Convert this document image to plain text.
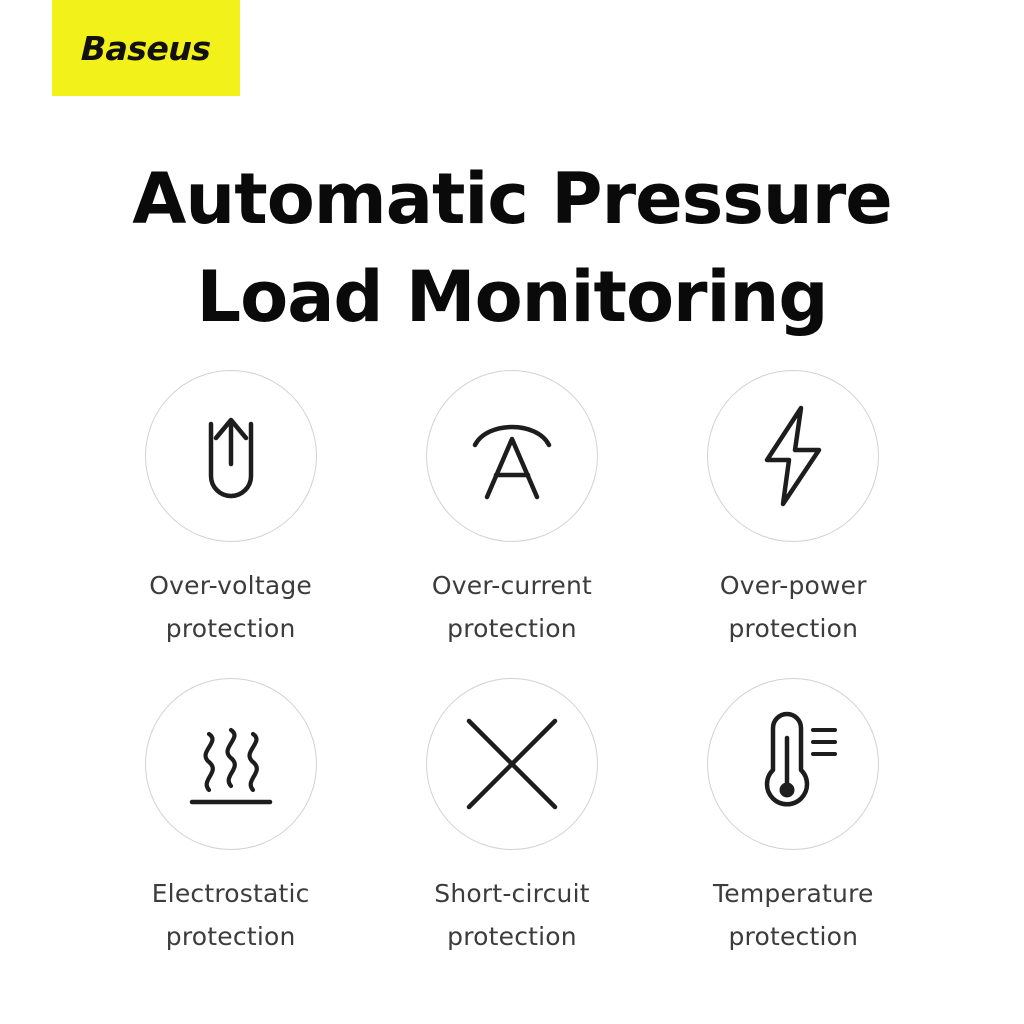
Baseus
Automatic Pressure
Load Monitoring
Over-voltage
protection
Over-current
protection
Over-power
protection
Electrostatic
protection
Short-circuit
protection
Temperature
protection
